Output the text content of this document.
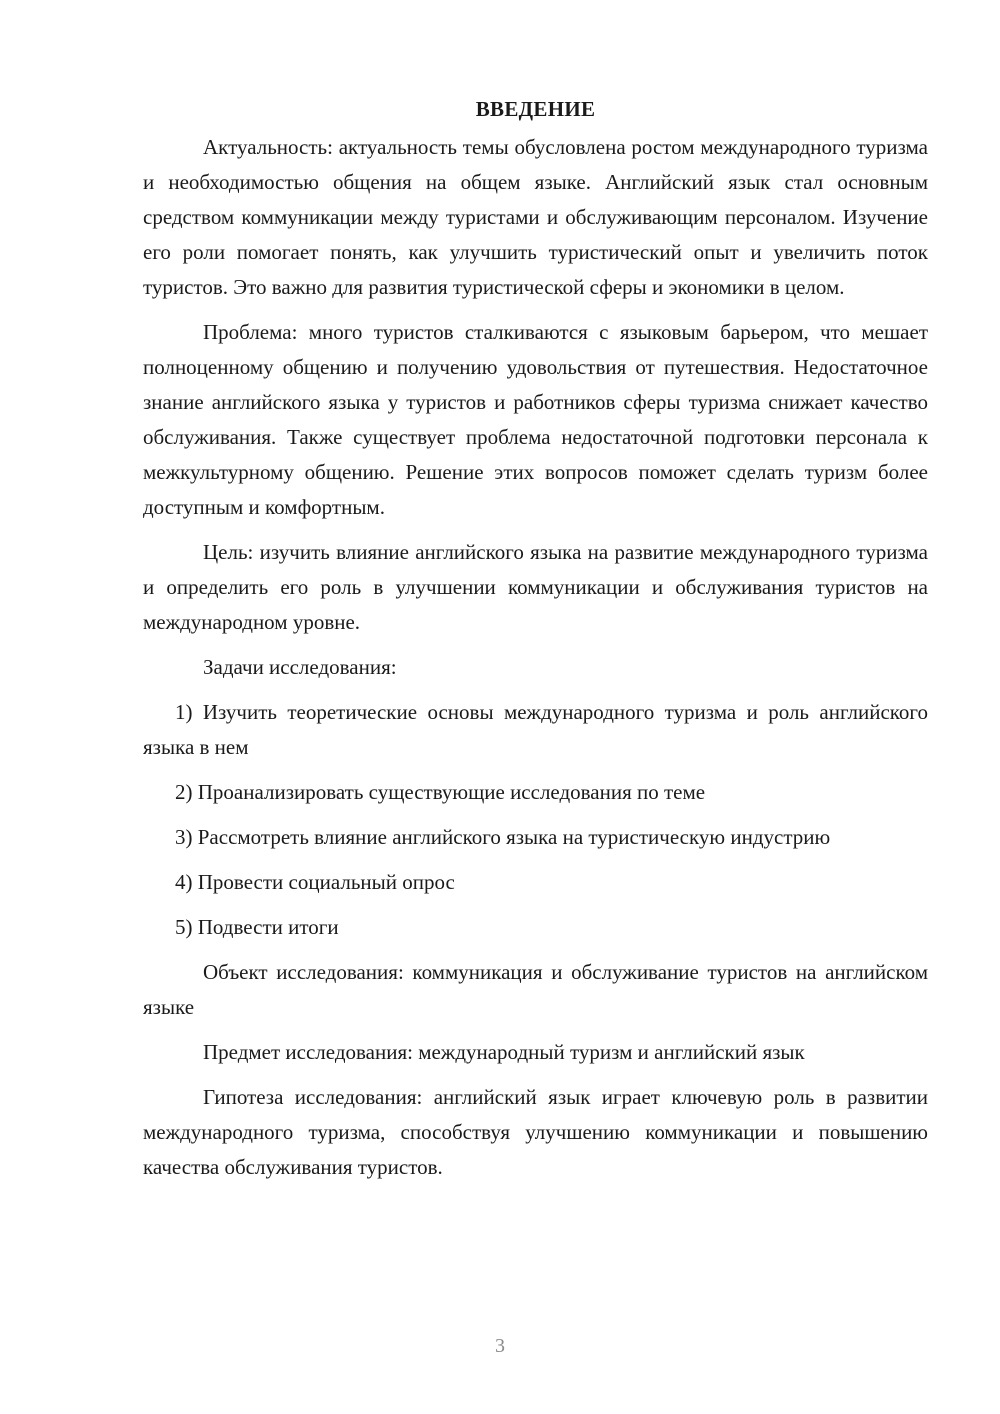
ВВЕДЕНИЕ

Актуальность: актуальность темы обусловлена ростом международного туризма и необходимостью общения на общем языке. Английский язык стал основным средством коммуникации между туристами и обслуживающим персоналом. Изучение его роли помогает понять, как улучшить туристический опыт и увеличить поток туристов. Это важно для развития туристической сферы и экономики в целом.

Проблема: много туристов сталкиваются с языковым барьером, что мешает полноценному общению и получению удовольствия от путешествия. Недостаточное знание английского языка у туристов и работников сферы туризма снижает качество обслуживания. Также существует проблема недостаточной подготовки персонала к межкультурному общению. Решение этих вопросов поможет сделать туризм более доступным и комфортным.

Цель: изучить влияние английского языка на развитие международного туризма и определить его роль в улучшении коммуникации и обслуживания туристов на международном уровне.

Задачи исследования:

1) Изучить теоретические основы международного туризма и роль английского языка в нем

2) Проанализировать существующие исследования по теме

3) Рассмотреть влияние английского языка на туристическую индустрию

4) Провести социальный опрос

5) Подвести итоги

Объект исследования: коммуникация и обслуживание туристов на английском языке

Предмет исследования: международный туризм и английский язык

Гипотеза исследования: английский язык играет ключевую роль в развитии международного туризма, способствуя улучшению коммуникации и повышению качества обслуживания туристов.

3
